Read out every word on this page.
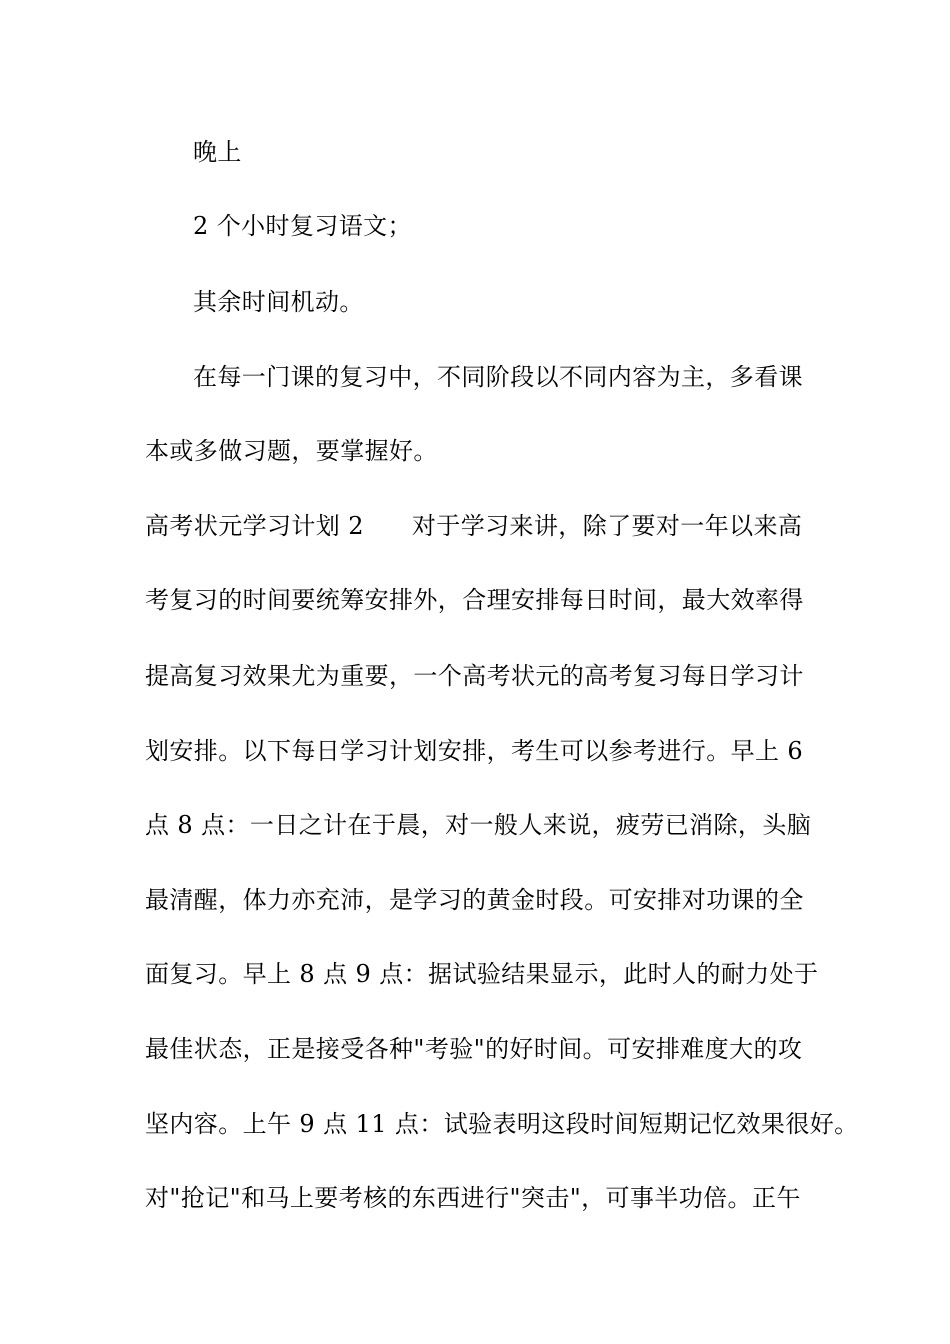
晚上
2 个小时复习语文；
其余时间机动。
在每一门课的复习中，不同阶段以不同内容为主，多看课
本或多做习题，要掌握好。
高考状元学习计划 2 对于学习来讲，除了要对一年以来高
考复习的时间要统筹安排外，合理安排每日时间，最大效率得
提高复习效果尤为重要，一个高考状元的高考复习每日学习计
划安排。以下每日学习计划安排，考生可以参考进行。早上 6
点 8 点：一日之计在于晨，对一般人来说，疲劳已消除，头脑
最清醒，体力亦充沛，是学习的黄金时段。可安排对功课的全
面复习。早上 8 点 9 点：据试验结果显示，此时人的耐力处于
最佳状态，正是接受各种"考验"的好时间。可安排难度大的攻
坚内容。上午 9 点 11 点：试验表明这段时间短期记忆效果很好。
对"抢记"和马上要考核的东西进行"突击"，可事半功倍。正午
